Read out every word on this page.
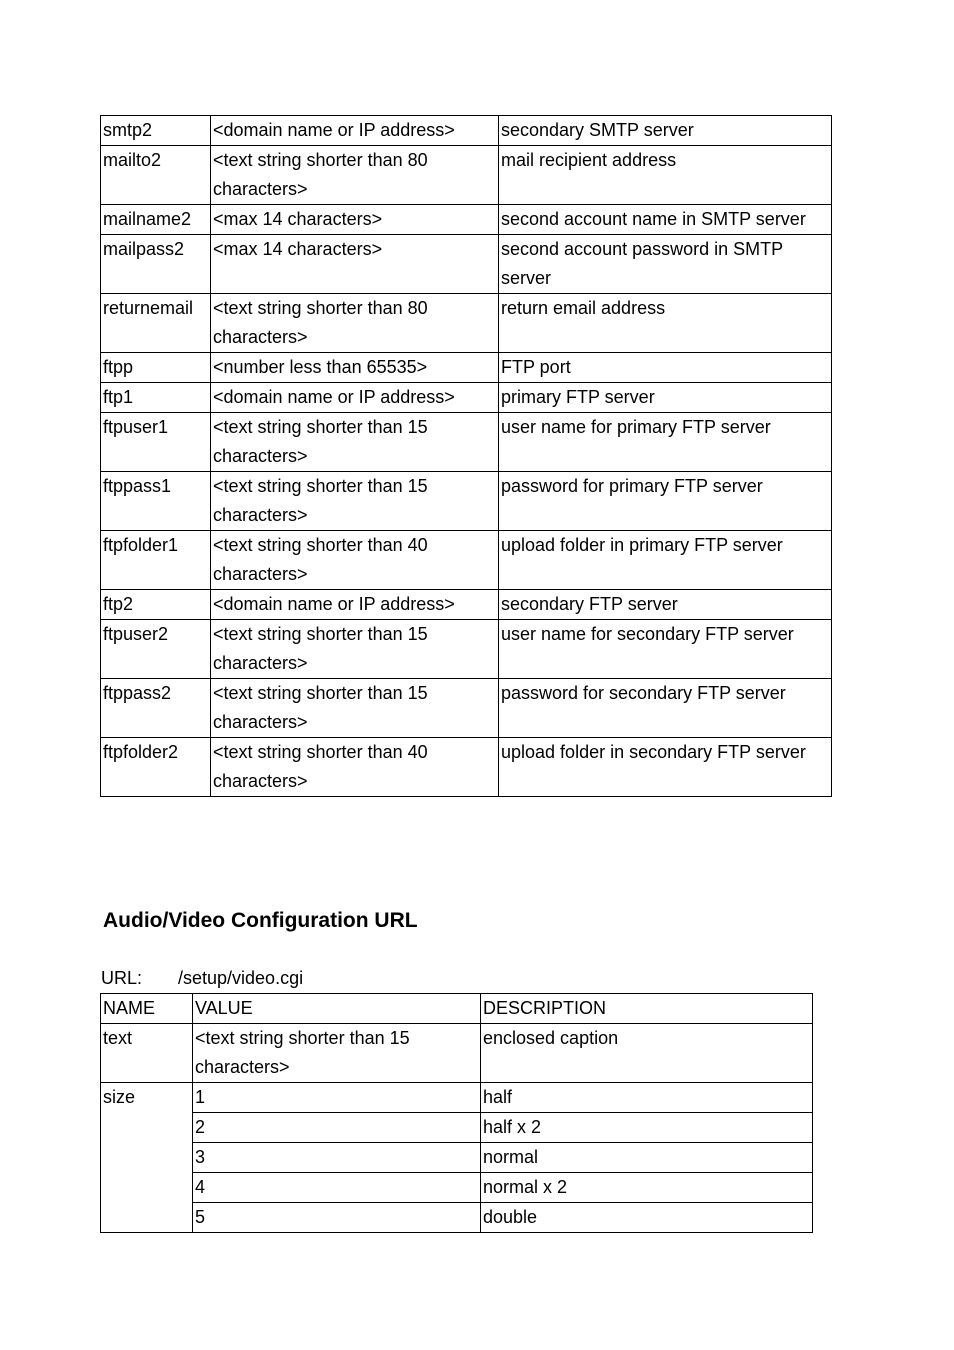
smtp2	<domain name or IP address>	secondary SMTP server
mailto2	<text string shorter than 80 characters>	mail recipient address
mailname2	<max 14 characters>	second account name in SMTP server
mailpass2	<max 14 characters>	second account password in SMTP server
returnemail	<text string shorter than 80 characters>	return email address
ftpp	<number less than 65535>	FTP port
ftp1	<domain name or IP address>	primary FTP server
ftpuser1	<text string shorter than 15 characters>	user name for primary FTP server
ftppass1	<text string shorter than 15 characters>	password for primary FTP server
ftpfolder1	<text string shorter than 40 characters>	upload folder in primary FTP server
ftp2	<domain name or IP address>	secondary FTP server
ftpuser2	<text string shorter than 15 characters>	user name for secondary FTP server
ftppass2	<text string shorter than 15 characters>	password for secondary FTP server
ftpfolder2	<text string shorter than 40 characters>	upload folder in secondary FTP server
Audio/Video Configuration URL
URL: /setup/video.cgi
NAME	VALUE	DESCRIPTION
text	<text string shorter than 15 characters>	enclosed caption
size	1	half
	2	half x 2
	3	normal
	4	normal x 2
	5	double
